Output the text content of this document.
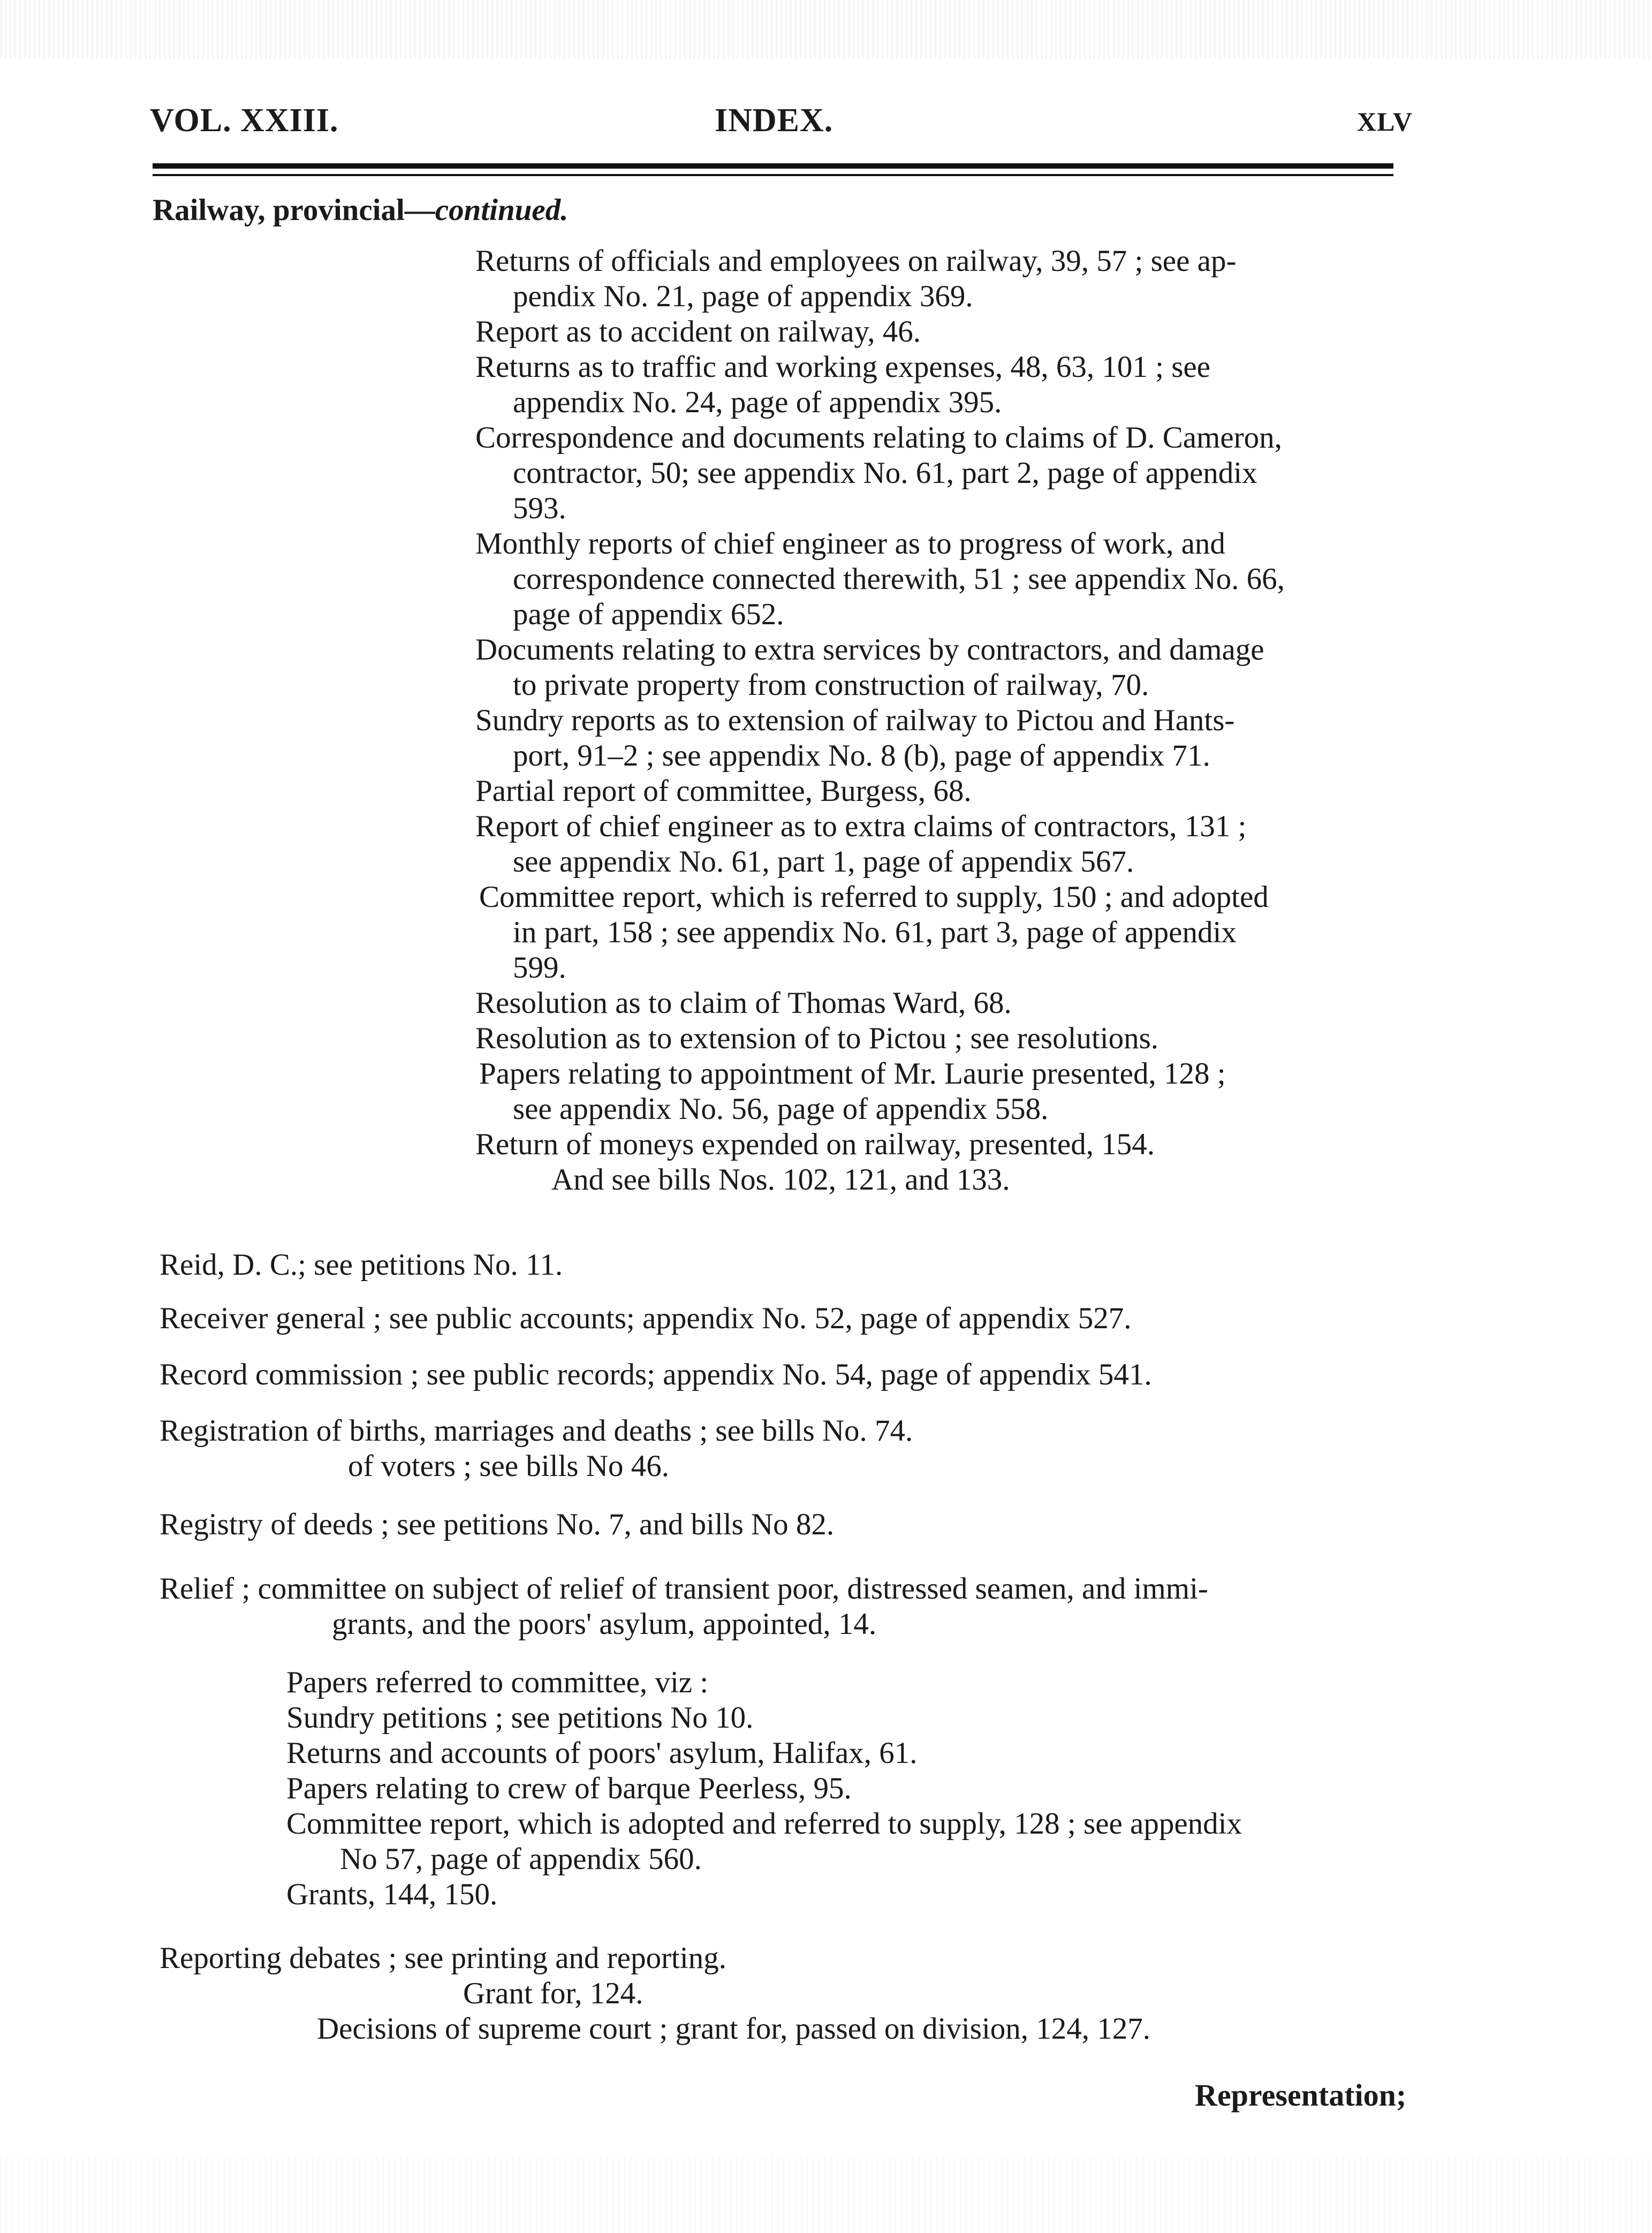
VOL. XXIII.	INDEX.	XLV
Railway, provincial—continued.
Returns of officials and employees on railway, 39, 57 ; see ap-
pendix No. 21, page of appendix 369.
Report as to accident on railway, 46.
Returns as to traffic and working expenses, 48, 63, 101 ; see
appendix No. 24, page of appendix 395.
Correspondence and documents relating to claims of D. Cameron,
contractor, 50; see appendix No. 61, part 2, page of appendix
593.
Monthly reports of chief engineer as to progress of work, and
correspondence connected therewith, 51 ; see appendix No. 66,
page of appendix 652.
Documents relating to extra services by contractors, and damage
to private property from construction of railway, 70.
Sundry reports as to extension of railway to Pictou and Hants-
port, 91–2 ; see appendix No. 8 (b), page of appendix 71.
Partial report of committee, Burgess, 68.
Report of chief engineer as to extra claims of contractors, 131 ;
see appendix No. 61, part 1, page of appendix 567.
Committee report, which is referred to supply, 150 ; and adopted
in part, 158 ; see appendix No. 61, part 3, page of appendix
599.
Resolution as to claim of Thomas Ward, 68.
Resolution as to extension of to Pictou ; see resolutions.
Papers relating to appointment of Mr. Laurie presented, 128 ;
see appendix No. 56, page of appendix 558.
Return of moneys expended on railway, presented, 154.
And see bills Nos. 102, 121, and 133.
Reid, D. C.; see petitions No. 11.
Receiver general ; see public accounts; appendix No. 52, page of appendix 527.
Record commission ; see public records; appendix No. 54, page of appendix 541.
Registration of births, marriages and deaths ; see bills No. 74.
of voters ; see bills No 46.
Registry of deeds ; see petitions No. 7, and bills No 82.
Relief ; committee on subject of relief of transient poor, distressed seamen, and immi-
grants, and the poors' asylum, appointed, 14.
Papers referred to committee, viz :
Sundry petitions ; see petitions No 10.
Returns and accounts of poors' asylum, Halifax, 61.
Papers relating to crew of barque Peerless, 95.
Committee report, which is adopted and referred to supply, 128 ; see appendix
No 57, page of appendix 560.
Grants, 144, 150.
Reporting debates ; see printing and reporting.
Grant for, 124.
Decisions of supreme court ; grant for, passed on division, 124, 127.
Representation;
